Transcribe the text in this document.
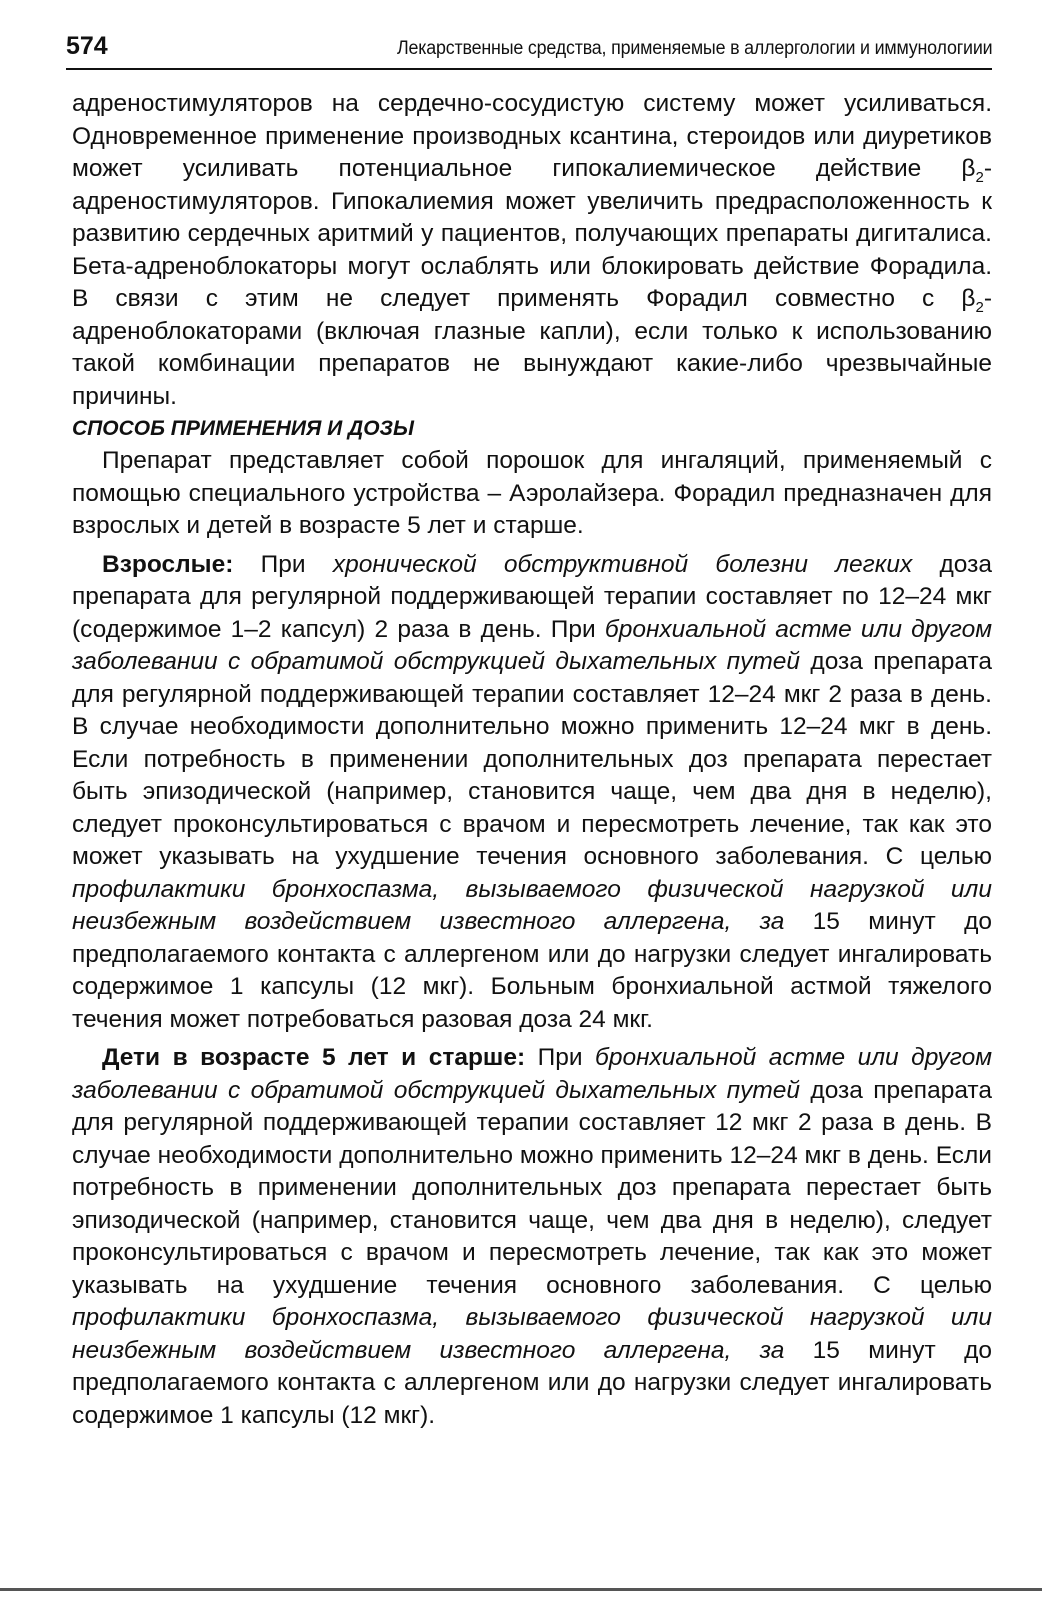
574	Лекарственные средства, применяемые в аллергологии и иммунологиии

адреностимуляторов на сердечно-сосудистую систему может усиливаться. Одновременное применение производных ксантина, стероидов или диуретиков может усиливать потенциальное гипокалиемическое действие $\beta_2$-адреностимуляторов. Гипокалиемия может увеличить предрасположенность к развитию сердечных аритмий у пациентов, получающих препараты дигиталиса. Бета-адреноблокаторы могут ослаблять или блокировать действие Форадила. В связи с этим не следует применять Форадил совместно с $\beta_2$-адреноблокаторами (включая глазные капли), если только к использованию такой комбинации препаратов не вынуждают какие-либо чрезвычайные причины.

СПОСОБ ПРИМЕНЕНИЯ И ДОЗЫ

Препарат представляет собой порошок для ингаляций, применяемый с помощью специального устройства – Аэролайзера. Форадил предназначен для взрослых и детей в возрасте 5 лет и старше.

Взрослые: При хронической обструктивной болезни легких доза препарата для регулярной поддерживающей терапии составляет по 12–24 мкг (содержимое 1–2 капсул) 2 раза в день. При бронхиальной астме или другом заболевании с обратимой обструкцией дыхательных путей доза препарата для регулярной поддерживающей терапии составляет 12–24 мкг 2 раза в день. В случае необходимости дополнительно можно применить 12–24 мкг в день. Если потребность в применении дополнительных доз препарата перестает быть эпизодической (например, становится чаще, чем два дня в неделю), следует проконсультироваться с врачом и пересмотреть лечение, так как это может указывать на ухудшение течения основного заболевания. С целью профилактики бронхоспазма, вызываемого физической нагрузкой или неизбежным воздействием известного аллергена, за 15 минут до предполагаемого контакта с аллергеном или до нагрузки следует ингалировать содержимое 1 капсулы (12 мкг). Больным бронхиальной астмой тяжелого течения может потребоваться разовая доза 24 мкг.

Дети в возрасте 5 лет и старше: При бронхиальной астме или другом заболевании с обратимой обструкцией дыхательных путей доза препарата для регулярной поддерживающей терапии составляет 12 мкг 2 раза в день. В случае необходимости дополнительно можно применить 12–24 мкг в день. Если потребность в применении дополнительных доз препарата перестает быть эпизодической (например, становится чаще, чем два дня в неделю), следует проконсультироваться с врачом и пересмотреть лечение, так как это может указывать на ухудшение течения основного заболевания. С целью профилактики бронхоспазма, вызываемого физической нагрузкой или неизбежным воздействием известного аллергена, за 15 минут до предполагаемого контакта с аллергеном или до нагрузки следует ингалировать содержимое 1 капсулы (12 мкг).
